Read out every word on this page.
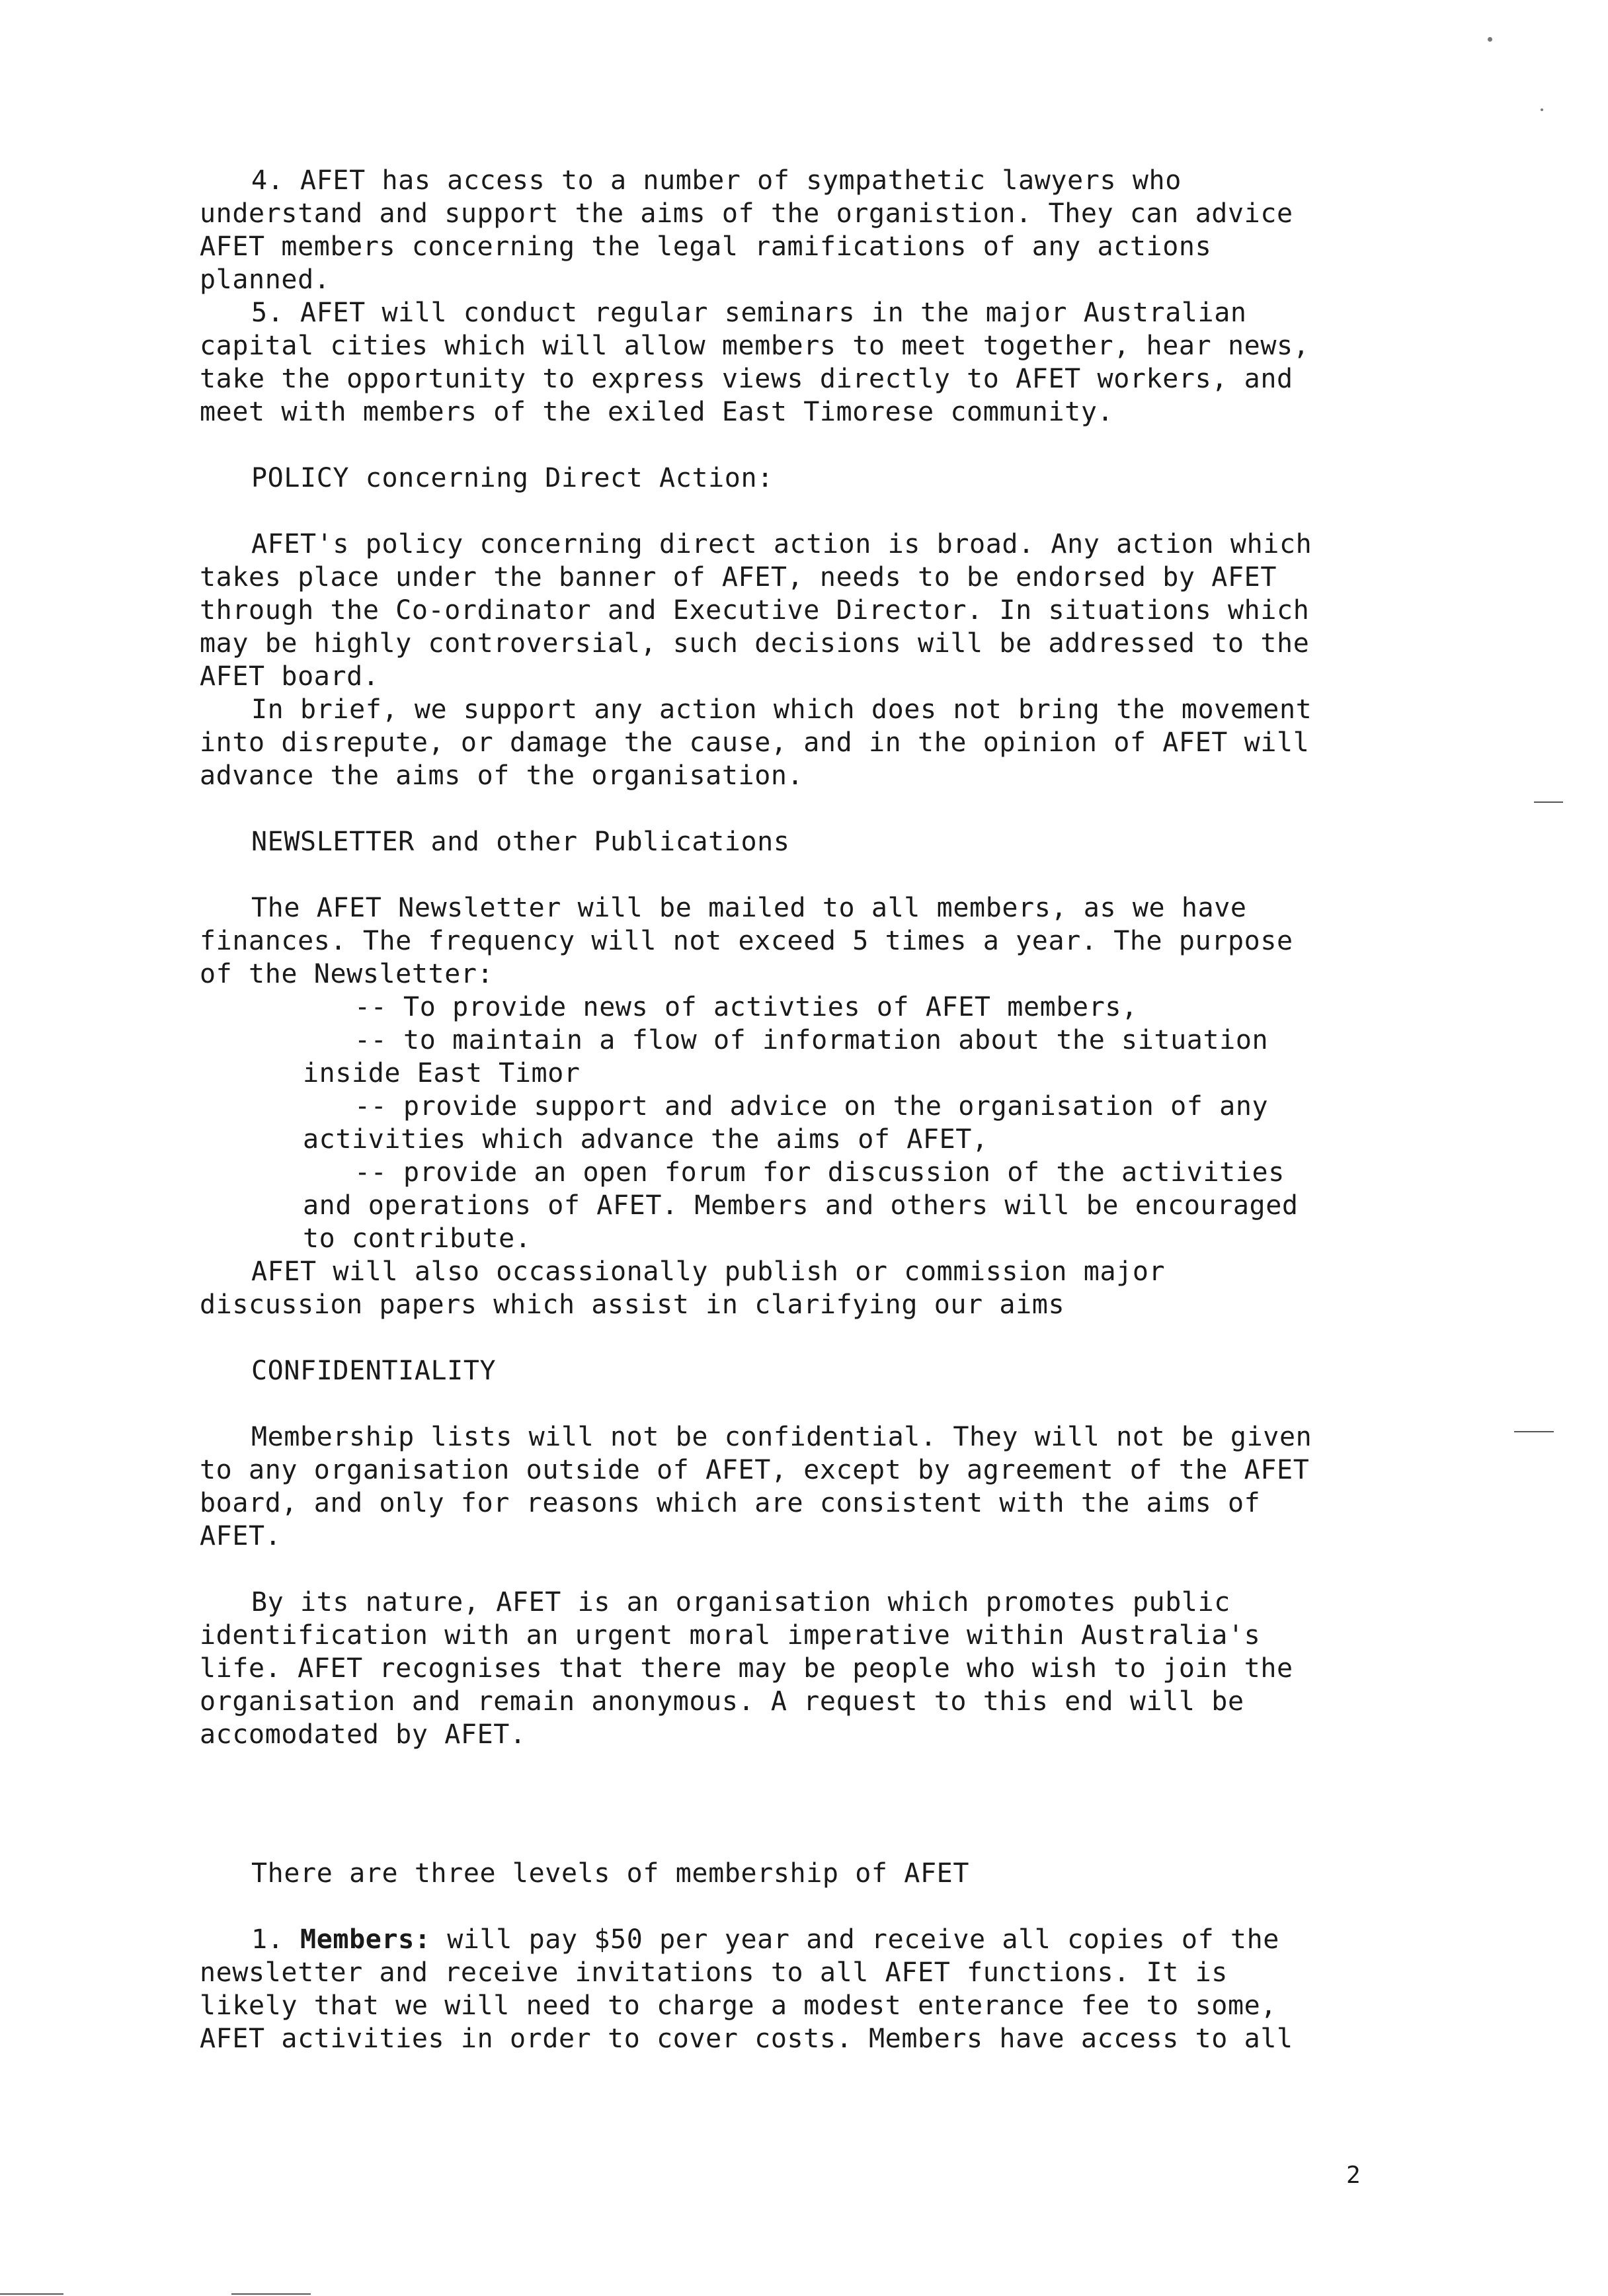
4. AFET has access to a number of sympathetic lawyers who
understand and support the aims of the organistion. They can advice
AFET members concerning the legal ramifications of any actions
planned.
5. AFET will conduct regular seminars in the major Australian
capital cities which will allow members to meet together, hear news,
take the opportunity to express views directly to AFET workers, and
meet with members of the exiled East Timorese community.
POLICY concerning Direct Action:
AFET's policy concerning direct action is broad. Any action which
takes place under the banner of AFET, needs to be endorsed by AFET
through the Co-ordinator and Executive Director. In situations which
may be highly controversial, such decisions will be addressed to the
AFET board.
In brief, we support any action which does not bring the movement
into disrepute, or damage the cause, and in the opinion of AFET will
advance the aims of the organisation.
NEWSLETTER and other Publications
The AFET Newsletter will be mailed to all members, as we have
finances. The frequency will not exceed 5 times a year. The purpose
of the Newsletter:
-- To provide news of activties of AFET members,
-- to maintain a flow of information about the situation
inside East Timor
-- provide support and advice on the organisation of any
activities which advance the aims of AFET,
-- provide an open forum for discussion of the activities
and operations of AFET. Members and others will be encouraged
to contribute.
AFET will also occassionally publish or commission major
discussion papers which assist in clarifying our aims
CONFIDENTIALITY
Membership lists will not be confidential. They will not be given
to any organisation outside of AFET, except by agreement of the AFET
board, and only for reasons which are consistent with the aims of
AFET.
By its nature, AFET is an organisation which promotes public
identification with an urgent moral imperative within Australia's
life. AFET recognises that there may be people who wish to join the
organisation and remain anonymous. A request to this end will be
accomodated by AFET.
There are three levels of membership of AFET
1. Members: will pay $50 per year and receive all copies of the
newsletter and receive invitations to all AFET functions. It is
likely that we will need to charge a modest enterance fee to some,
AFET activities in order to cover costs. Members have access to all
2
